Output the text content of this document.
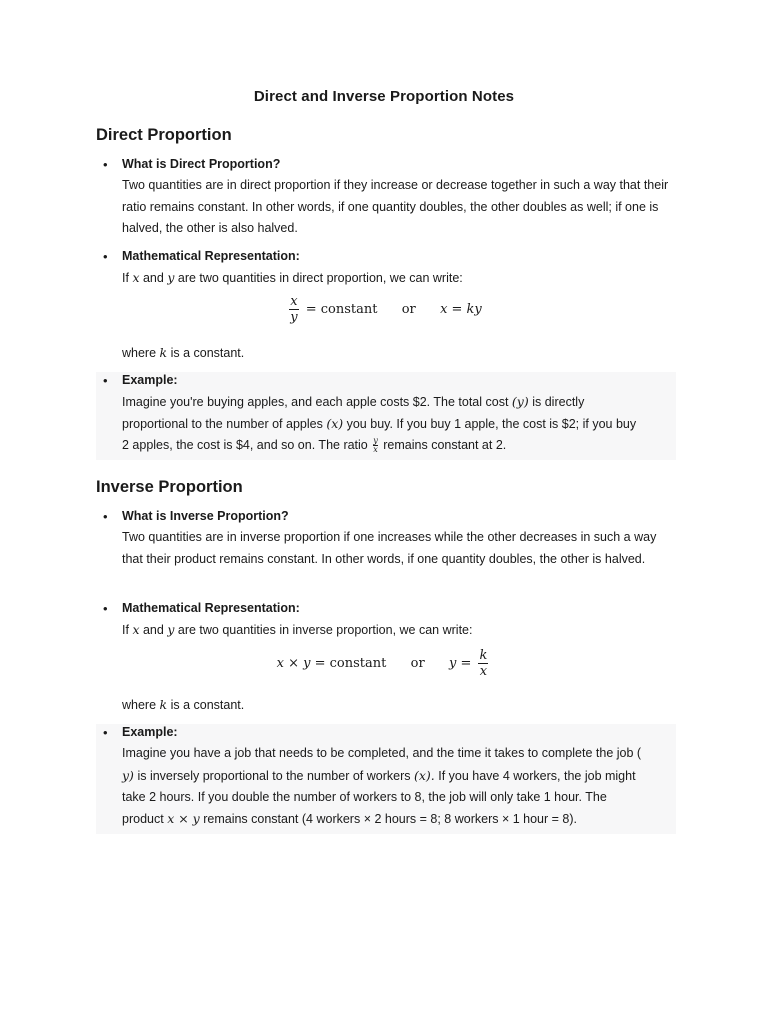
Direct and Inverse Proportion Notes
Direct Proportion
• What is Direct Proportion?
Two quantities are in direct proportion if they increase or decrease together in such a way that their ratio remains constant. In other words, if one quantity doubles, the other doubles as well; if one is halved, the other is also halved.
• Mathematical Representation:
If x and y are two quantities in direct proportion, we can write:
$\frac{x}{y}$ = constant or x = ky
where k is a constant.
• Example:
Imagine you're buying apples, and each apple costs $2. The total cost (y) is directly
proportional to the number of apples (x) you buy. If you buy 1 apple, the cost is $2; if you buy
2 apples, the cost is $4, and so on. The ratio $\frac{y}{x}$ remains constant at 2.
Inverse Proportion
• What is Inverse Proportion?
Two quantities are in inverse proportion if one increases while the other decreases in such a way that their product remains constant. In other words, if one quantity doubles, the other is halved.
• Mathematical Representation:
If x and y are two quantities in inverse proportion, we can write:
x × y = constant or $y = \frac{k}{x}$
where k is a constant.
• Example:
Imagine you have a job that needs to be completed, and the time it takes to complete the job (
y) is inversely proportional to the number of workers (x). If you have 4 workers, the job might
take 2 hours. If you double the number of workers to 8, the job will only take 1 hour. The
product x × y remains constant (4 workers × 2 hours = 8; 8 workers × 1 hour = 8).
